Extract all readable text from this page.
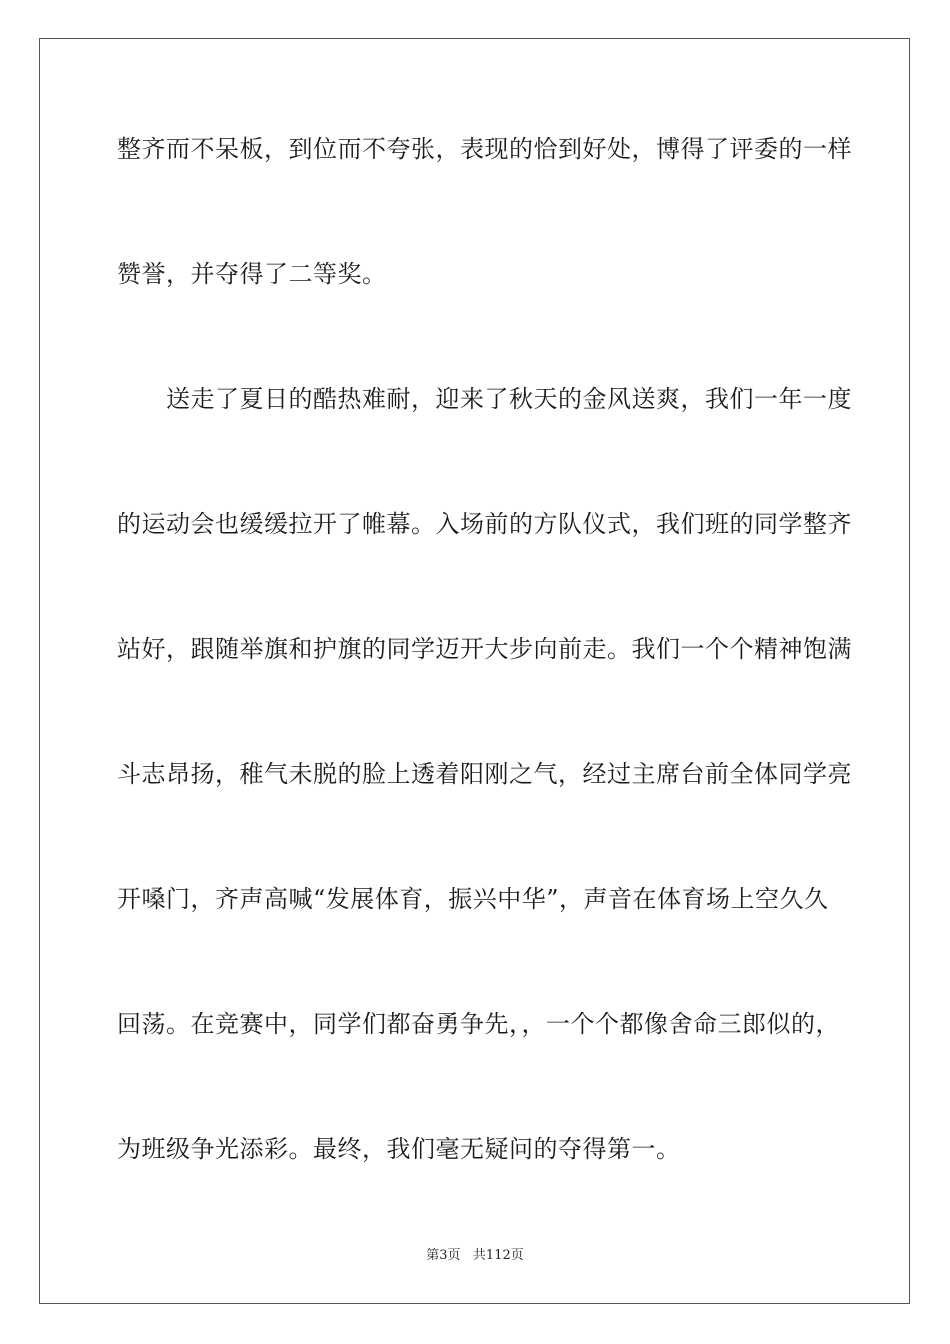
整齐而不呆板，到位而不夸张，表现的恰到好处，博得了评委的一样
赞誉，并夺得了二等奖。
送走了夏日的酷热难耐，迎来了秋天的金风送爽，我们一年一度
的运动会也缓缓拉开了帷幕。入场前的方队仪式，我们班的同学整齐
站好，跟随举旗和护旗的同学迈开大步向前走。我们一个个精神饱满
斗志昂扬，稚气未脱的脸上透着阳刚之气，经过主席台前全体同学亮
开嗓门，齐声高喊“发展体育，振兴中华”，声音在体育场上空久久
回荡。在竞赛中，同学们都奋勇争先，，一个个都像舍命三郎似的，
为班级争光添彩。最终，我们毫无疑问的夺得第一。
第3页 共112页
